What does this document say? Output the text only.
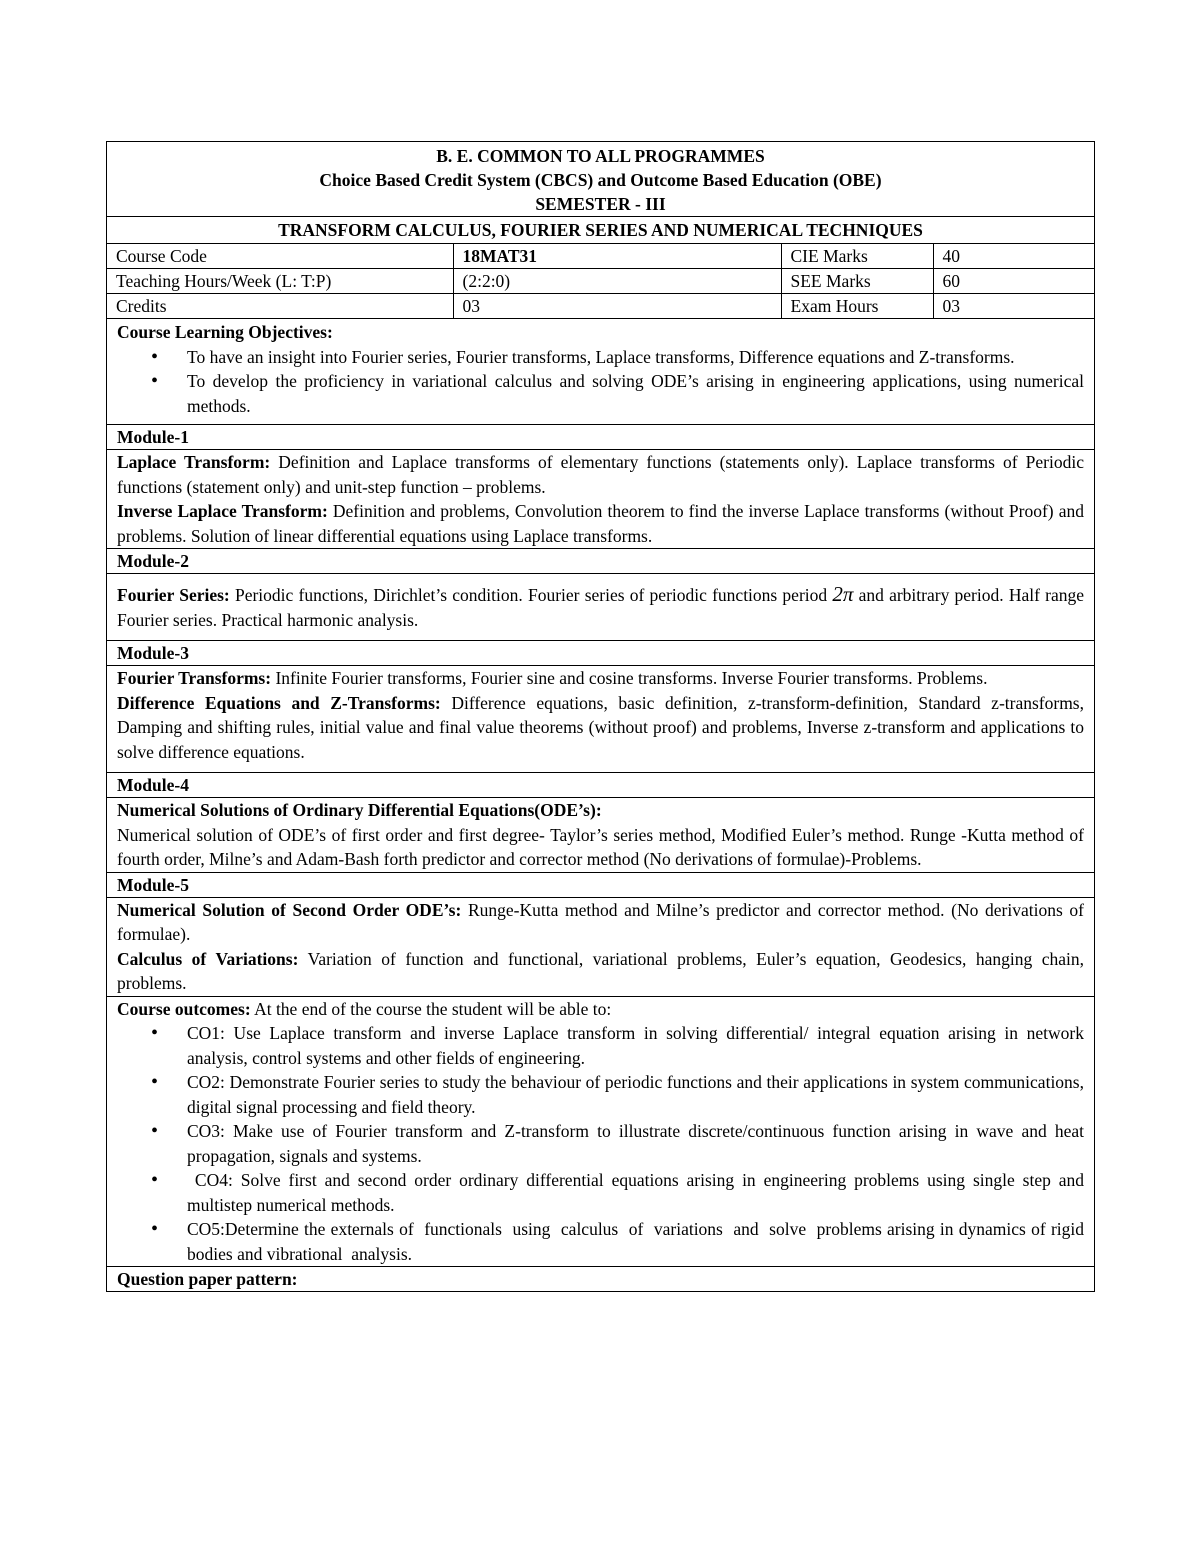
B. E. COMMON TO ALL PROGRAMMES
Choice Based Credit System (CBCS) and Outcome Based Education (OBE)
SEMESTER - III
TRANSFORM CALCULUS, FOURIER SERIES AND NUMERICAL TECHNIQUES
Course Code	18MAT31	CIE Marks	40
Teaching Hours/Week (L: T:P)	(2:2:0)	SEE Marks	60
Credits	03	Exam Hours	03

Course Learning Objectives:

• To have an insight into Fourier series, Fourier transforms, Laplace transforms, Difference equations and Z-transforms.
• To develop the proficiency in variational calculus and solving ODE’s arising in engineering applications, using numerical methods.
Module-1

Laplace Transform: Definition and Laplace transforms of elementary functions (statements only). Laplace transforms of Periodic functions (statement only) and unit-step function – problems.

Inverse Laplace Transform: Definition and problems, Convolution theorem to find the inverse Laplace transforms (without Proof) and problems. Solution of linear differential equations using Laplace transforms.

Module-2

Fourier Series: Periodic functions, Dirichlet’s condition. Fourier series of periodic functions period 2π and arbitrary period. Half range Fourier series. Practical harmonic analysis.

Module-3

Fourier Transforms: Infinite Fourier transforms, Fourier sine and cosine transforms. Inverse Fourier transforms. Problems.

Difference Equations and Z-Transforms: Difference equations, basic definition, z-transform-definition, Standard z-transforms, Damping and shifting rules, initial value and final value theorems (without proof) and problems, Inverse z-transform and applications to solve difference equations.

Module-4

Numerical Solutions of Ordinary Differential Equations(ODE’s):

Numerical solution of ODE’s of first order and first degree- Taylor’s series method, Modified Euler’s method. Runge -Kutta method of fourth order, Milne’s and Adam-Bash forth predictor and corrector method (No derivations of formulae)-Problems.

Module-5

Numerical Solution of Second Order ODE’s: Runge-Kutta method and Milne’s predictor and corrector method. (No derivations of formulae).

Calculus of Variations: Variation of function and functional, variational problems, Euler’s equation, Geodesics, hanging chain, problems.

Course outcomes: At the end of the course the student will be able to:

• CO1: Use Laplace transform and inverse Laplace transform in solving differential/ integral equation arising in network analysis, control systems and other fields of engineering.
• CO2: Demonstrate Fourier series to study the behaviour of periodic functions and their applications in system communications, digital signal processing and field theory.
• CO3: Make use of Fourier transform and Z-transform to illustrate discrete/continuous function arising in wave and heat propagation, signals and systems.
•  CO4: Solve first and second order ordinary differential equations arising in engineering problems using single step and multistep numerical methods.
• CO5:Determine the externals of  functionals  using  calculus  of  variations  and  solve  problems arising in dynamics of rigid bodies and vibrational  analysis.
Question paper pattern:
